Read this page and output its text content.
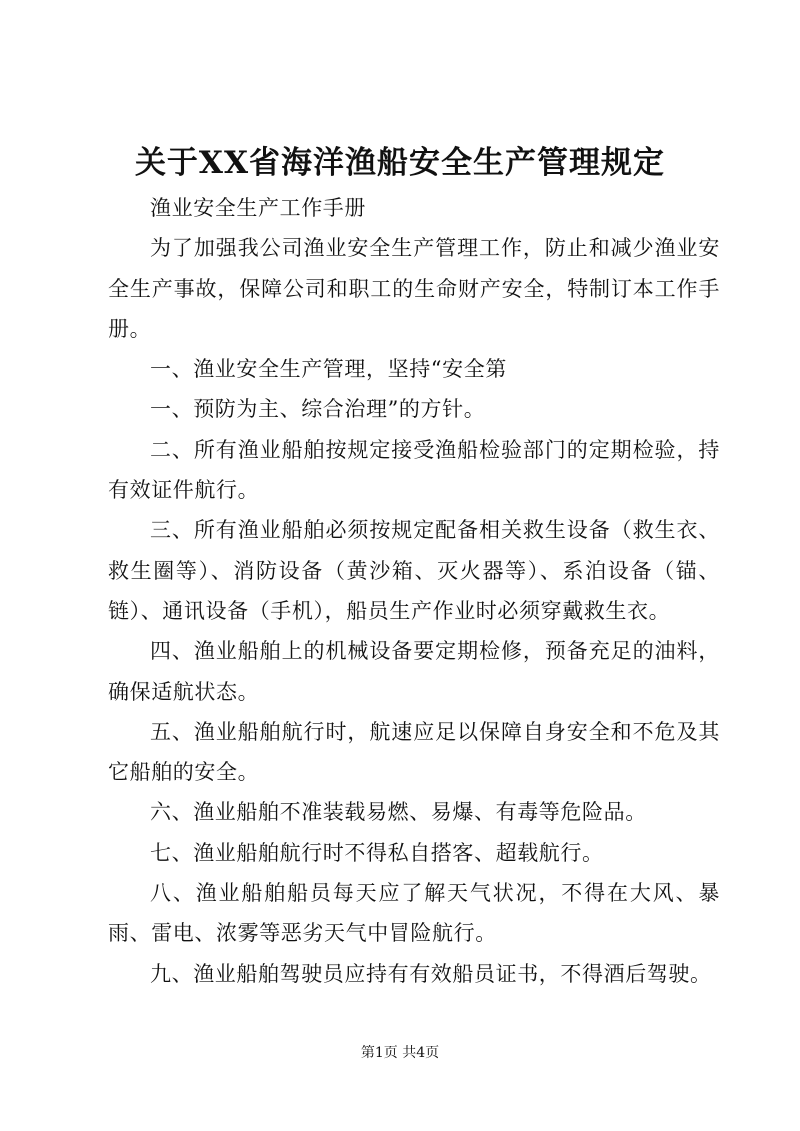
关于XX省海洋渔船安全生产管理规定

渔业安全生产工作手册

为了加强我公司渔业安全生产管理工作，防止和减少渔业安全生产事故，保障公司和职工的生命财产安全，特制订本工作手册。

一、渔业安全生产管理，坚持“安全第

一、预防为主、综合治理”的方针。

二、所有渔业船舶按规定接受渔船检验部门的定期检验，持有效证件航行。

三、所有渔业船舶必须按规定配备相关救生设备（救生衣、救生圈等）、消防设备（黄沙箱、灭火器等）、系泊设备（锚、链）、通讯设备（手机），船员生产作业时必须穿戴救生衣。

四、渔业船舶上的机械设备要定期检修，预备充足的油料，确保适航状态。

五、渔业船舶航行时，航速应足以保障自身安全和不危及其它船舶的安全。

六、渔业船舶不准装载易燃、易爆、有毒等危险品。

七、渔业船舶航行时不得私自搭客、超载航行。

八、渔业船舶船员每天应了解天气状况，不得在大风、暴雨、雷电、浓雾等恶劣天气中冒险航行。

九、渔业船舶驾驶员应持有有效船员证书，不得酒后驾驶。

第1页 共4页
